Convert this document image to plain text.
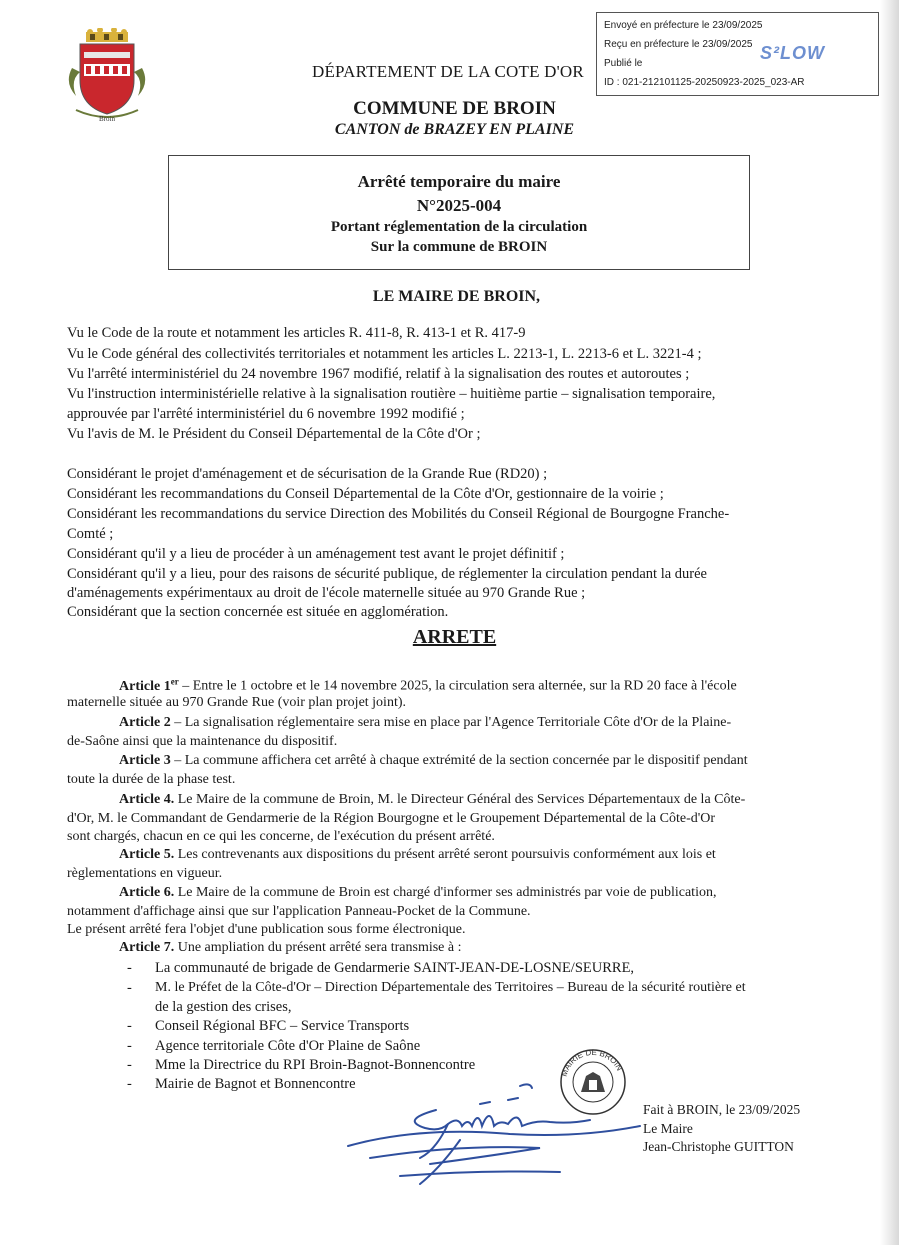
Broin
Envoyé en préfecture le 23/09/2025
Reçu en préfecture le 23/09/2025
Publié le
ID : 021-212101125-20250923-2025_023-AR
S²LOW
DÉPARTEMENT DE LA COTE D'OR
COMMUNE DE BROIN
CANTON de BRAZEY EN PLAINE
Arrêté temporaire du maire
N°2025-004
Portant réglementation de la circulation
Sur la commune de BROIN
LE MAIRE DE BROIN,
Vu le Code de la route et notamment les articles R. 411-8, R. 413-1 et R. 417-9
Vu le Code général des collectivités territoriales et notamment les articles L. 2213-1, L. 2213-6 et L. 3221-4 ;
Vu l'arrêté interministériel du 24 novembre 1967 modifié, relatif à la signalisation des routes et autoroutes ;
Vu l'instruction interministérielle relative à la signalisation routière – huitième partie – signalisation temporaire,
approuvée par l'arrêté interministériel du 6 novembre 1992 modifié ;
Vu l'avis de M. le Président du Conseil Départemental de la Côte d'Or ;
Considérant le projet d'aménagement et de sécurisation de la Grande Rue (RD20) ;
Considérant les recommandations du Conseil Départemental de la Côte d'Or, gestionnaire de la voirie ;
Considérant les recommandations du service Direction des Mobilités du Conseil Régional de Bourgogne Franche-
Comté ;
Considérant qu'il y a lieu de procéder à un aménagement test avant le projet définitif ;
Considérant qu'il y a lieu, pour des raisons de sécurité publique, de réglementer la circulation pendant la durée
d'aménagements expérimentaux au droit de l'école maternelle située au 970 Grande Rue ;
Considérant que la section concernée est située en agglomération.
ARRETE
Article 1er – Entre le 1 octobre et le 14 novembre 2025, la circulation sera alternée, sur la RD 20 face à l'école
maternelle située au 970 Grande Rue (voir plan projet joint).
Article 2 – La signalisation réglementaire sera mise en place par l'Agence Territoriale Côte d'Or de la Plaine-
de-Saône ainsi que la maintenance du dispositif.
Article 3 – La commune affichera cet arrêté à chaque extrémité de la section concernée par le dispositif pendant
toute la durée de la phase test.
Article 4. Le Maire de la commune de Broin, M. le Directeur Général des Services Départementaux de la Côte-
d'Or, M. le Commandant de Gendarmerie de la Région Bourgogne et le Groupement Départemental de la Côte-d'Or
sont chargés, chacun en ce qui les concerne, de l'exécution du présent arrêté.
Article 5. Les contrevenants aux dispositions du présent arrêté seront poursuivis conformément aux lois et
règlementations en vigueur.
Article 6. Le Maire de la commune de Broin est chargé d'informer ses administrés par voie de publication,
notamment d'affichage ainsi que sur l'application Panneau-Pocket de la Commune.
Le présent arrêté fera l'objet d'une publication sous forme électronique.
Article 7. Une ampliation du présent arrêté sera transmise à :
- La communauté de brigade de Gendarmerie SAINT-JEAN-DE-LOSNE/SEURRE,
- M. le Préfet de la Côte-d'Or – Direction Départementale des Territoires – Bureau de la sécurité routière et
de la gestion des crises,
- Conseil Régional BFC – Service Transports
- Agence territoriale Côte d'Or Plaine de Saône
- Mme la Directrice du RPI Broin-Bagnot-Bonnencontre
- Mairie de Bagnot et Bonnencontre
MAIRIE DE BROIN
Fait à BROIN, le 23/09/2025
Le Maire
Jean-Christophe GUITTON
